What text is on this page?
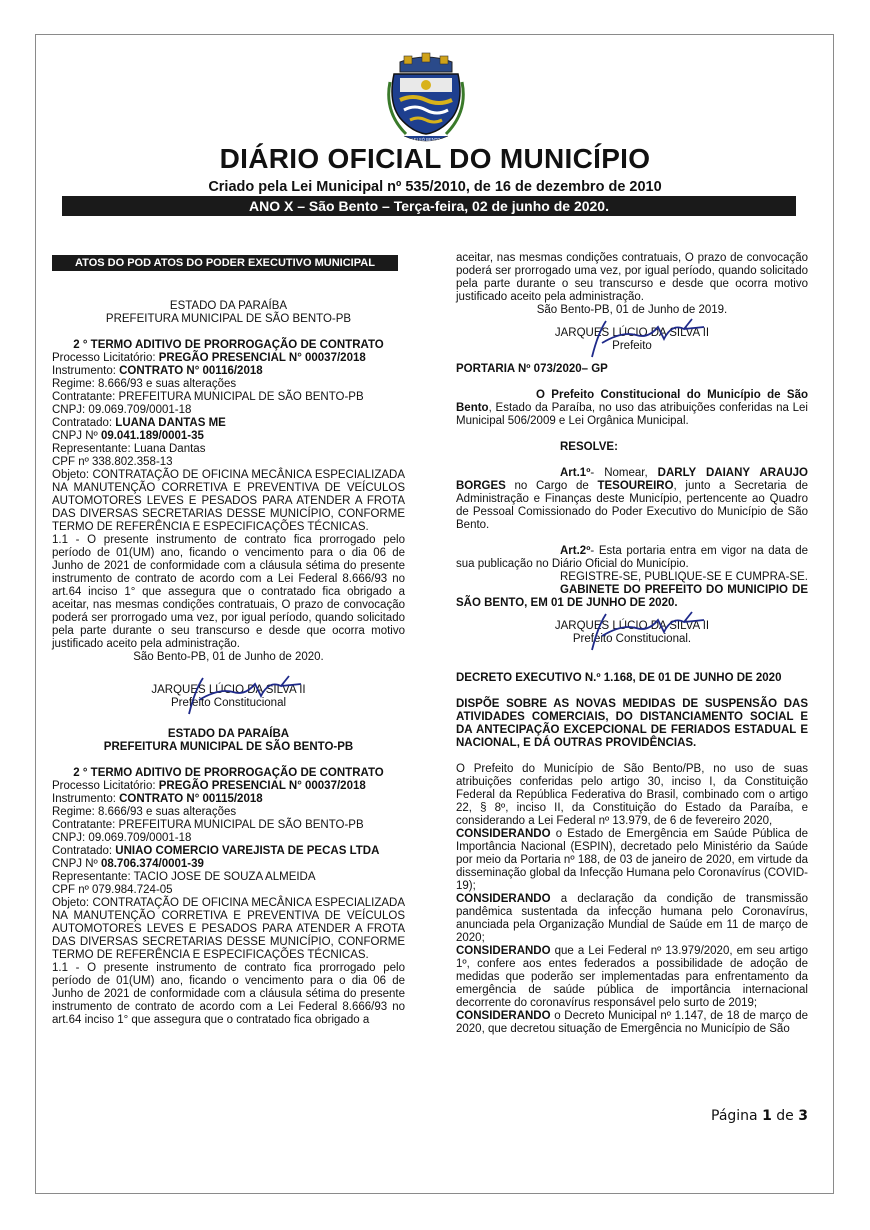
LEI SÓ BENTO
DIÁRIO OFICIAL DO MUNICÍPIO
Criado pela Lei Municipal nº 535/2010, de 16 de dezembro de 2010
ANO X – São Bento – Terça-feira, 02 de junho de 2020.
ATOS DO POD ATOS DO PODER EXECUTIVO MUNICIPAL

ESTADO DA PARAÍBA

PREFEITURA MUNICIPAL DE SÃO BENTO-PB

2 ° TERMO ADITIVO DE PRORROGAÇÃO DE CONTRATO

Processo Licitatório: PREGÃO PRESENCIAL N° 00037/2018

Instrumento: CONTRATO N° 00116/2018

Regime: 8.666/93 e suas alterações

Contratante: PREFEITURA MUNICIPAL DE SÃO BENTO-PB

CNPJ: 09.069.709/0001-18

Contratado: LUANA DANTAS ME

CNPJ Nº 09.041.189/0001-35

Representante: Luana Dantas

CPF nº 338.802.358-13

Objeto: CONTRATAÇÃO DE OFICINA MECÂNICA ESPECIALIZADA NA MANUTENÇÃO CORRETIVA E PREVENTIVA DE VEÍCULOS AUTOMOTORES LEVES E PESADOS PARA ATENDER A FROTA DAS DIVERSAS SECRETARIAS DESSE MUNICÍPIO, CONFORME TERMO DE REFERÊNCIA E ESPECIFICAÇÕES TÉCNICAS.

1.1 - O presente instrumento de contrato fica prorrogado pelo período de 01(UM) ano, ficando o vencimento para o dia 06 de Junho de 2021 de conformidade com a cláusula sétima do presente instrumento de contrato de acordo com a Lei Federal 8.666/93 no art.64 inciso 1° que assegura que o contratado fica obrigado a aceitar, nas mesmas condições contratuais, O prazo de convocação poderá ser prorrogado uma vez, por igual período, quando solicitado pela parte durante o seu transcurso e desde que ocorra motivo justificado aceito pela administração.

São Bento-PB, 01 de Junho de 2020.

JARQUES LÚCIO DA SILVA II

Prefeito Constitucional

ESTADO DA PARAÍBA

PREFEITURA MUNICIPAL DE SÃO BENTO-PB

2 ° TERMO ADITIVO DE PRORROGAÇÃO DE CONTRATO

Processo Licitatório: PREGÃO PRESENCIAL N° 00037/2018

Instrumento: CONTRATO N° 00115/2018

Regime: 8.666/93 e suas alterações

Contratante: PREFEITURA MUNICIPAL DE SÃO BENTO-PB

CNPJ: 09.069.709/0001-18

Contratado: UNIAO COMERCIO VAREJISTA DE PECAS LTDA

CNPJ Nº 08.706.374/0001-39

Representante: TACIO JOSE DE SOUZA ALMEIDA

CPF nº 079.984.724-05

Objeto: CONTRATAÇÃO DE OFICINA MECÂNICA ESPECIALIZADA NA MANUTENÇÃO CORRETIVA E PREVENTIVA DE VEÍCULOS AUTOMOTORES LEVES E PESADOS PARA ATENDER A FROTA DAS DIVERSAS SECRETARIAS DESSE MUNICÍPIO, CONFORME TERMO DE REFERÊNCIA E ESPECIFICAÇÕES TÉCNICAS.

1.1 - O presente instrumento de contrato fica prorrogado pelo período de 01(UM) ano, ficando o vencimento para o dia 06 de Junho de 2021 de conformidade com a cláusula sétima do presente instrumento de contrato de acordo com a Lei Federal 8.666/93 no art.64 inciso 1° que assegura que o contratado fica obrigado a

aceitar, nas mesmas condições contratuais, O prazo de convocação poderá ser prorrogado uma vez, por igual período, quando solicitado pela parte durante o seu transcurso e desde que ocorra motivo justificado aceito pela administração.

São Bento-PB, 01 de Junho de 2019.

JARQUES LÚCIO DA SILVA II

Prefeito

PORTARIA Nº 073/2020– GP

O Prefeito Constitucional do Município de São Bento, Estado da Paraíba, no uso das atribuições conferidas na Lei Municipal 506/2009 e Lei Orgânica Municipal.

RESOLVE:

Art.1º- Nomear, DARLY DAIANY ARAUJO BORGES no Cargo de TESOUREIRO, junto a Secretaria de Administração e Finanças deste Município, pertencente ao Quadro de Pessoal Comissionado do Poder Executivo do Município de São Bento.

Art.2º- Esta portaria entra em vigor na data de sua publicação no Diário Oficial do Município.

REGISTRE-SE, PUBLIQUE-SE E CUMPRA-SE.

GABINETE DO PREFEITO DO MUNICIPIO DE SÃO BENTO, EM 01 DE JUNHO DE 2020.

JARQUES LÚCIO DA SILVA II

Prefeito Constitucional.

DECRETO EXECUTIVO N.º 1.168, DE 01 DE JUNHO DE 2020

DISPÕE SOBRE AS NOVAS MEDIDAS DE SUSPENSÃO DAS ATIVIDADES COMERCIAIS, DO DISTANCIAMENTO SOCIAL E DA ANTECIPAÇÃO EXCEPCIONAL DE FERIADOS ESTADUAL E NACIONAL, E DÁ OUTRAS PROVIDÊNCIAS.

O Prefeito do Município de São Bento/PB, no uso de suas atribuições conferidas pelo artigo 30, inciso I, da Constituição Federal da República Federativa do Brasil, combinado com o artigo 22, § 8º, inciso II, da Constituição do Estado da Paraíba, e considerando a Lei Federal nº 13.979, de 6 de fevereiro 2020,

CONSIDERANDO o Estado de Emergência em Saúde Pública de Importância Nacional (ESPIN), decretado pelo Ministério da Saúde por meio da Portaria nº 188, de 03 de janeiro de 2020, em virtude da disseminação global da Infecção Humana pelo Coronavírus (COVID-19);

CONSIDERANDO a declaração da condição de transmissão pandêmica sustentada da infecção humana pelo Coronavírus, anunciada pela Organização Mundial de Saúde em 11 de março de 2020;

CONSIDERANDO que a Lei Federal nº 13.979/2020, em seu artigo 1º, confere aos entes federados a possibilidade de adoção de medidas que poderão ser implementadas para enfrentamento da emergência de saúde pública de importância internacional decorrente do coronavírus responsável pelo surto de 2019;

CONSIDERANDO o Decreto Municipal nº 1.147, de 18 de março de 2020, que decretou situação de Emergência no Município de São

Página 1 de 3
